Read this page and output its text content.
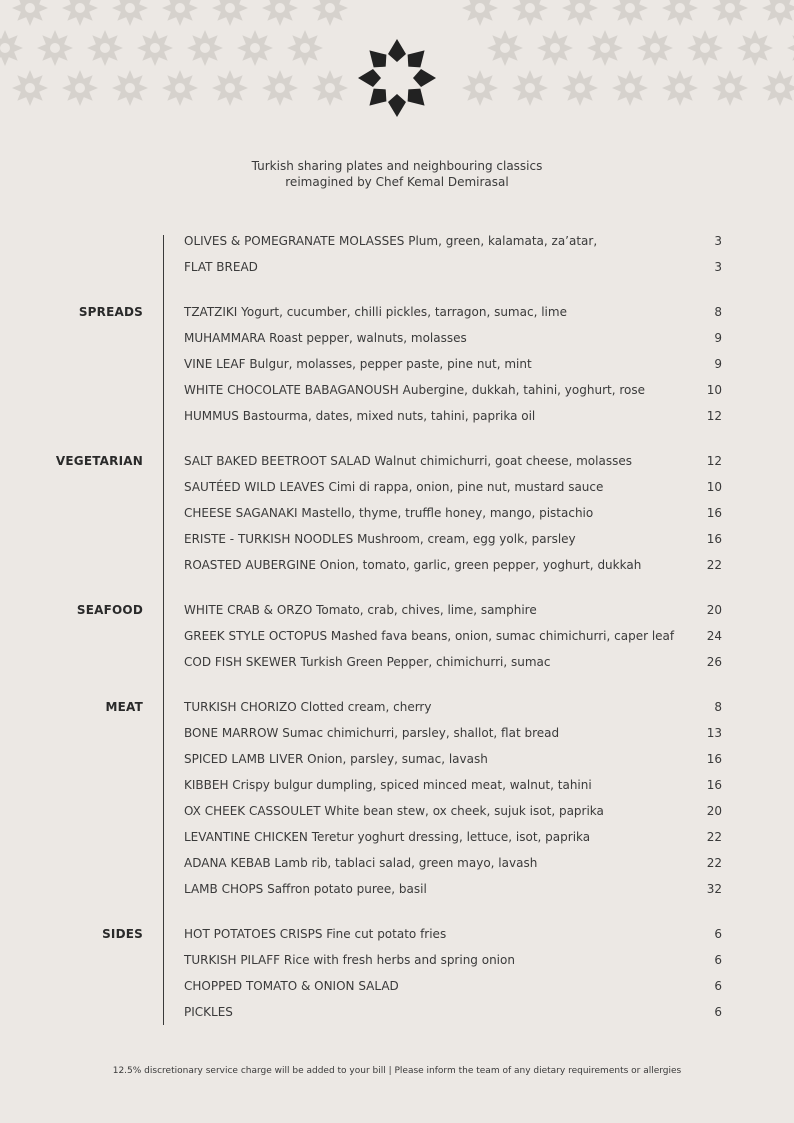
Turkish sharing plates and neighbouring classics
reimagined by Chef Kemal Demirasal
OLIVES & POMEGRANATE MOLASSES Plum, green, kalamata, za’atar,	3
FLAT BREAD	3
SPREADS	TZATZIKI Yogurt, cucumber, chilli pickles, tarragon, sumac, lime	8
MUHAMMARA Roast pepper, walnuts, molasses	9
VINE LEAF Bulgur, molasses, pepper paste, pine nut, mint	9
WHITE CHOCOLATE BABAGANOUSH Aubergine, dukkah, tahini, yoghurt, rose	10
HUMMUS Bastourma, dates, mixed nuts, tahini, paprika oil	12
VEGETARIAN	SALT BAKED BEETROOT SALAD Walnut chimichurri, goat cheese, molasses	12
SAUTÉED WILD LEAVES Cimi di rappa, onion, pine nut, mustard sauce	10
CHEESE SAGANAKI Mastello, thyme, truffle honey, mango, pistachio	16
ERISTE - TURKISH NOODLES Mushroom, cream, egg yolk, parsley	16
ROASTED AUBERGINE Onion, tomato, garlic, green pepper, yoghurt, dukkah	22
SEAFOOD	WHITE CRAB & ORZO Tomato, crab, chives, lime, samphire	20
GREEK STYLE OCTOPUS Mashed fava beans, onion, sumac chimichurri, caper leaf	24
COD FISH SKEWER Turkish Green Pepper, chimichurri, sumac	26
MEAT	TURKISH CHORIZO Clotted cream, cherry	8
BONE MARROW Sumac chimichurri, parsley, shallot, flat bread	13
SPICED LAMB LIVER Onion, parsley, sumac, lavash	16
KIBBEH Crispy bulgur dumpling, spiced minced meat, walnut, tahini	16
OX CHEEK CASSOULET White bean stew, ox cheek, sujuk isot, paprika	20
LEVANTINE CHICKEN Teretur yoghurt dressing, lettuce, isot, paprika	22
ADANA KEBAB Lamb rib, tablaci salad, green mayo, lavash	22
LAMB CHOPS Saffron potato puree, basil	32
SIDES	HOT POTATOES CRISPS Fine cut potato fries	6
TURKISH PILAFF Rice with fresh herbs and spring onion	6
CHOPPED TOMATO & ONION SALAD	6
PICKLES	6
12.5% discretionary service charge will be added to your bill | Please inform the team of any dietary requirements or allergies
